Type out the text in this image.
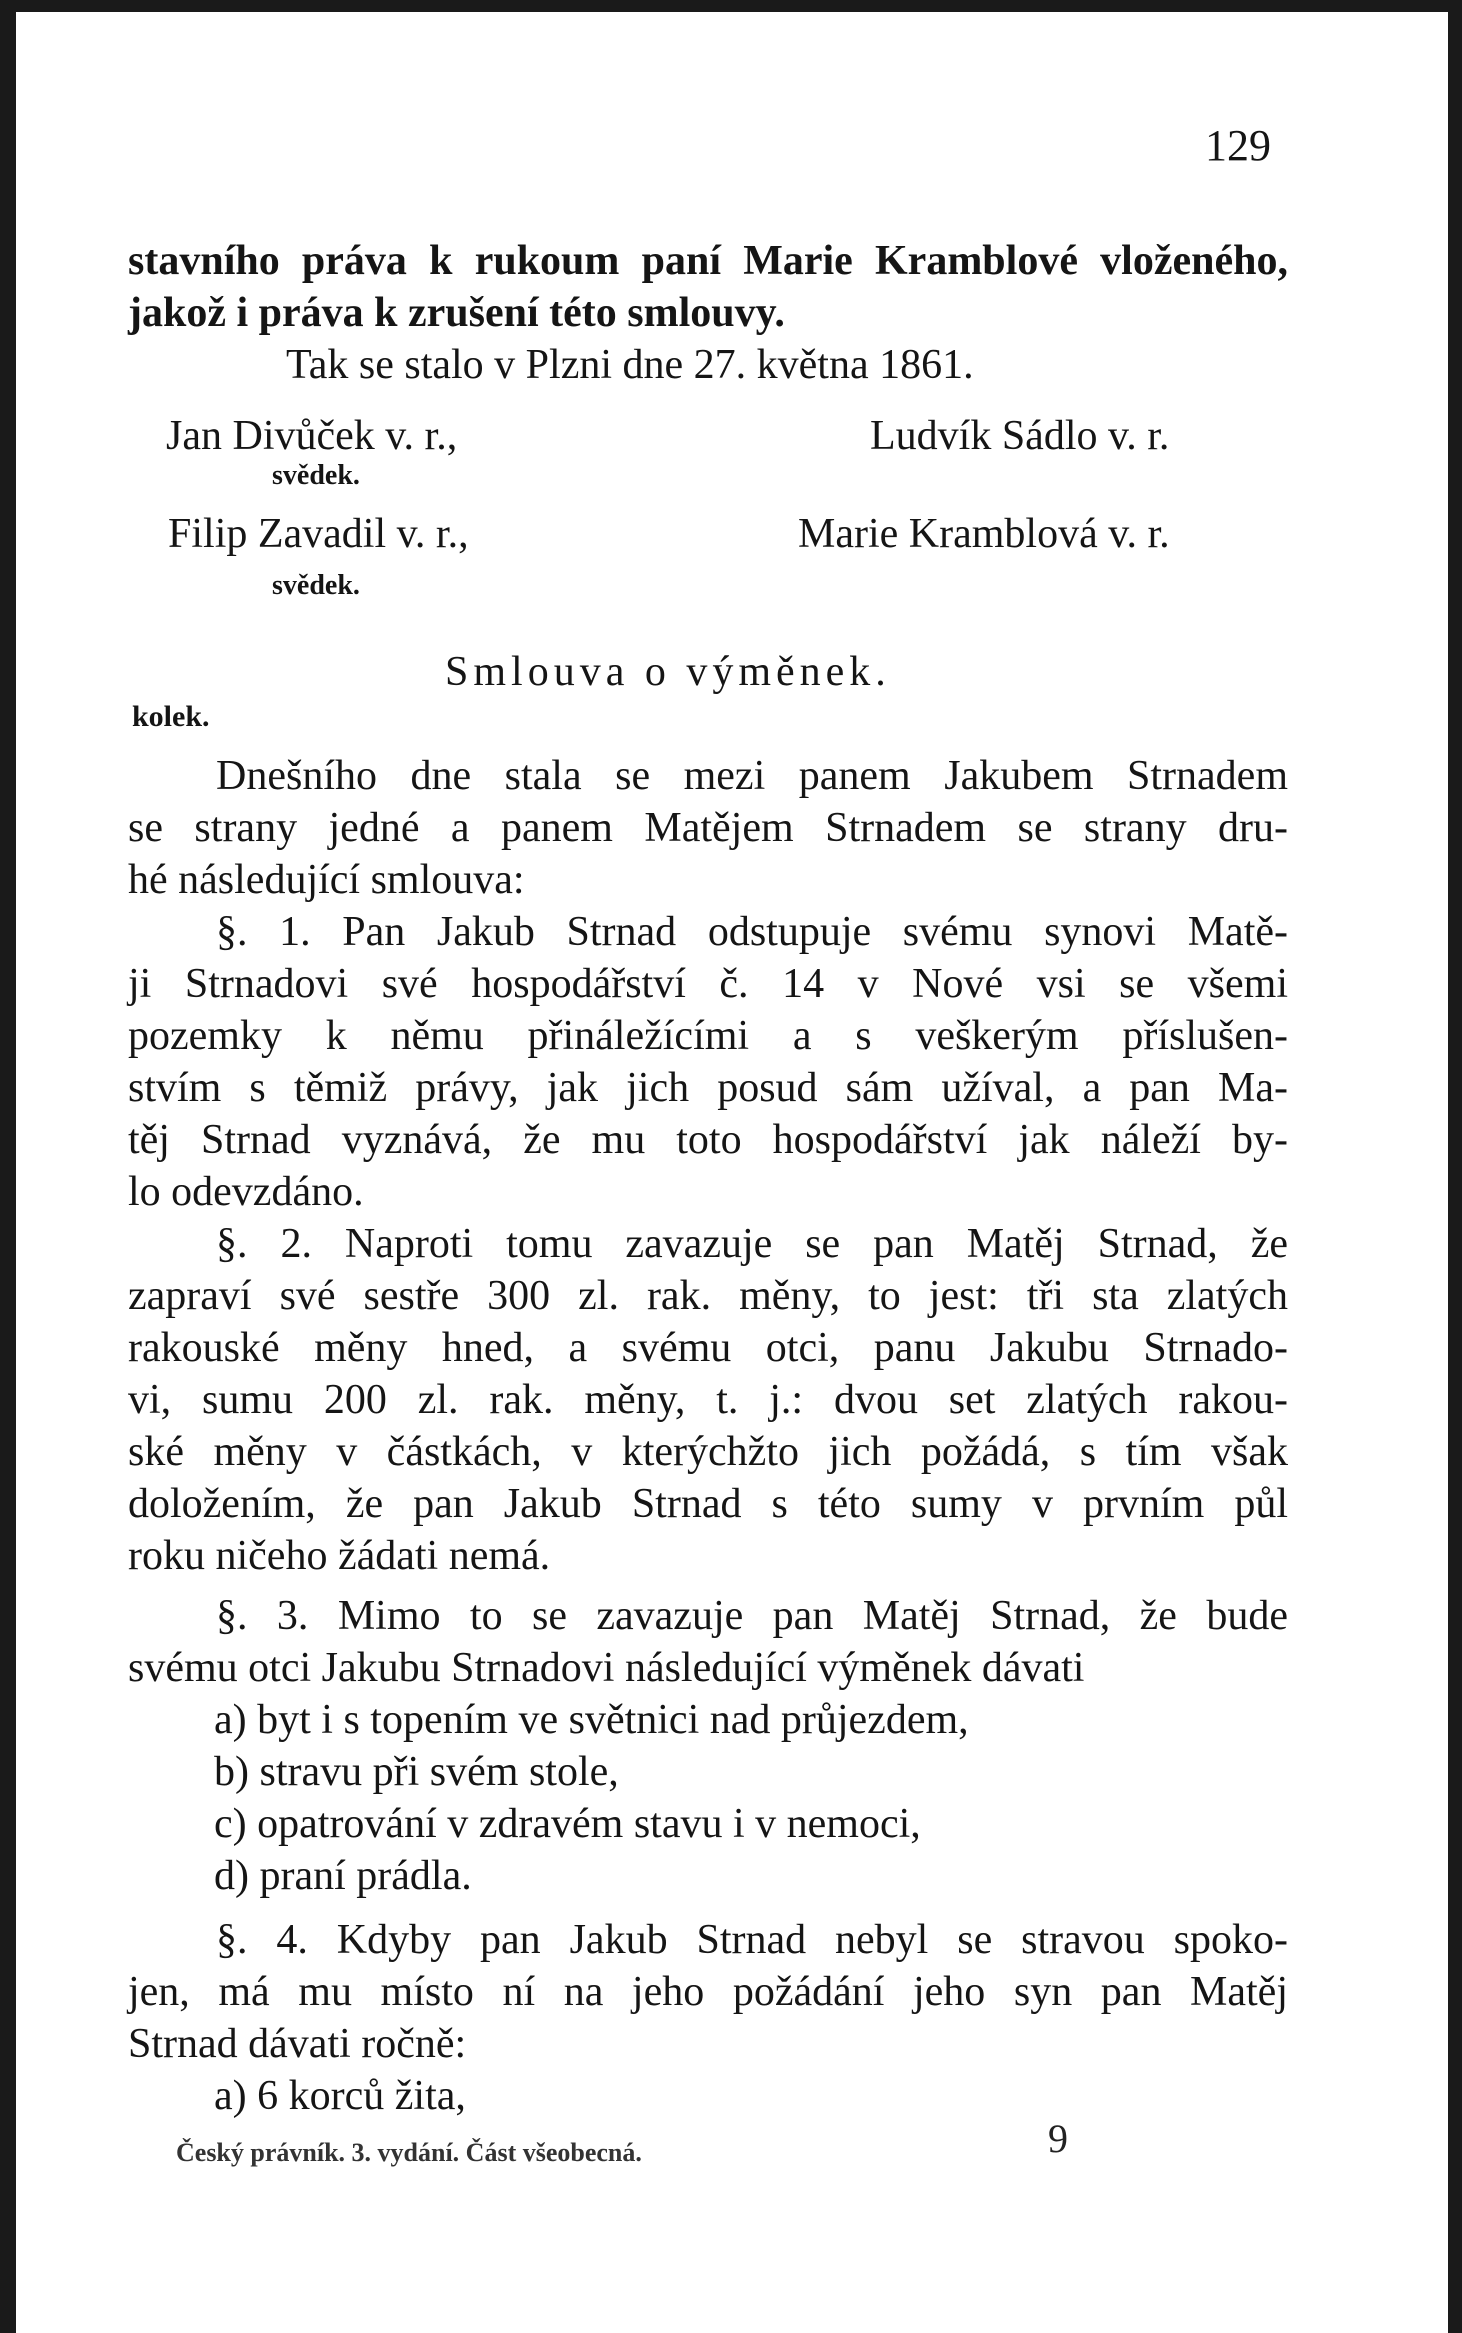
129
stavního práva k rukoum paní Marie Kramblové vloženého,
jakož i práva k zrušení této smlouvy.
Tak se stalo v Plzni dne 27. května 1861.
Jan Divůček v. r.,
svědek.
Ludvík Sádlo v. r.
Filip Zavadil v. r.,
svědek.
Marie Kramblová v. r.
Smlouva o výměnek.
kolek.
Dnešního dne stala se mezi panem Jakubem Strnadem
se strany jedné a panem Matějem Strnadem se strany dru-
hé následující smlouva:
§. 1. Pan Jakub Strnad odstupuje svému synovi Matě-
ji Strnadovi své hospodářství č. 14 v Nové vsi se všemi
pozemky k němu přináležícími a s veškerým příslušen-
stvím s těmiž právy, jak jich posud sám užíval, a pan Ma-
těj Strnad vyznává, že mu toto hospodářství jak náleží by-
lo odevzdáno.
§. 2. Naproti tomu zavazuje se pan Matěj Strnad, že
zapraví své sestře 300 zl. rak. měny, to jest: tři sta zlatých
rakouské měny hned, a svému otci, panu Jakubu Strnado-
vi, sumu 200 zl. rak. měny, t. j.: dvou set zlatých rakou-
ské měny v částkách, v kterýchžto jich požádá, s tím však
doložením, že pan Jakub Strnad s této sumy v prvním půl
roku ničeho žádati nemá.
§. 3. Mimo to se zavazuje pan Matěj Strnad, že bude
svému otci Jakubu Strnadovi následující výměnek dávati
a) byt i s topením ve světnici nad průjezdem,
b) stravu při svém stole,
c) opatrování v zdravém stavu i v nemoci,
d) praní prádla.
§. 4. Kdyby pan Jakub Strnad nebyl se stravou spoko-
jen, má mu místo ní na jeho požádání jeho syn pan Matěj
Strnad dávati ročně:
a) 6 korců žita,
Český právník. 3. vydání. Část všeobecná.	9
